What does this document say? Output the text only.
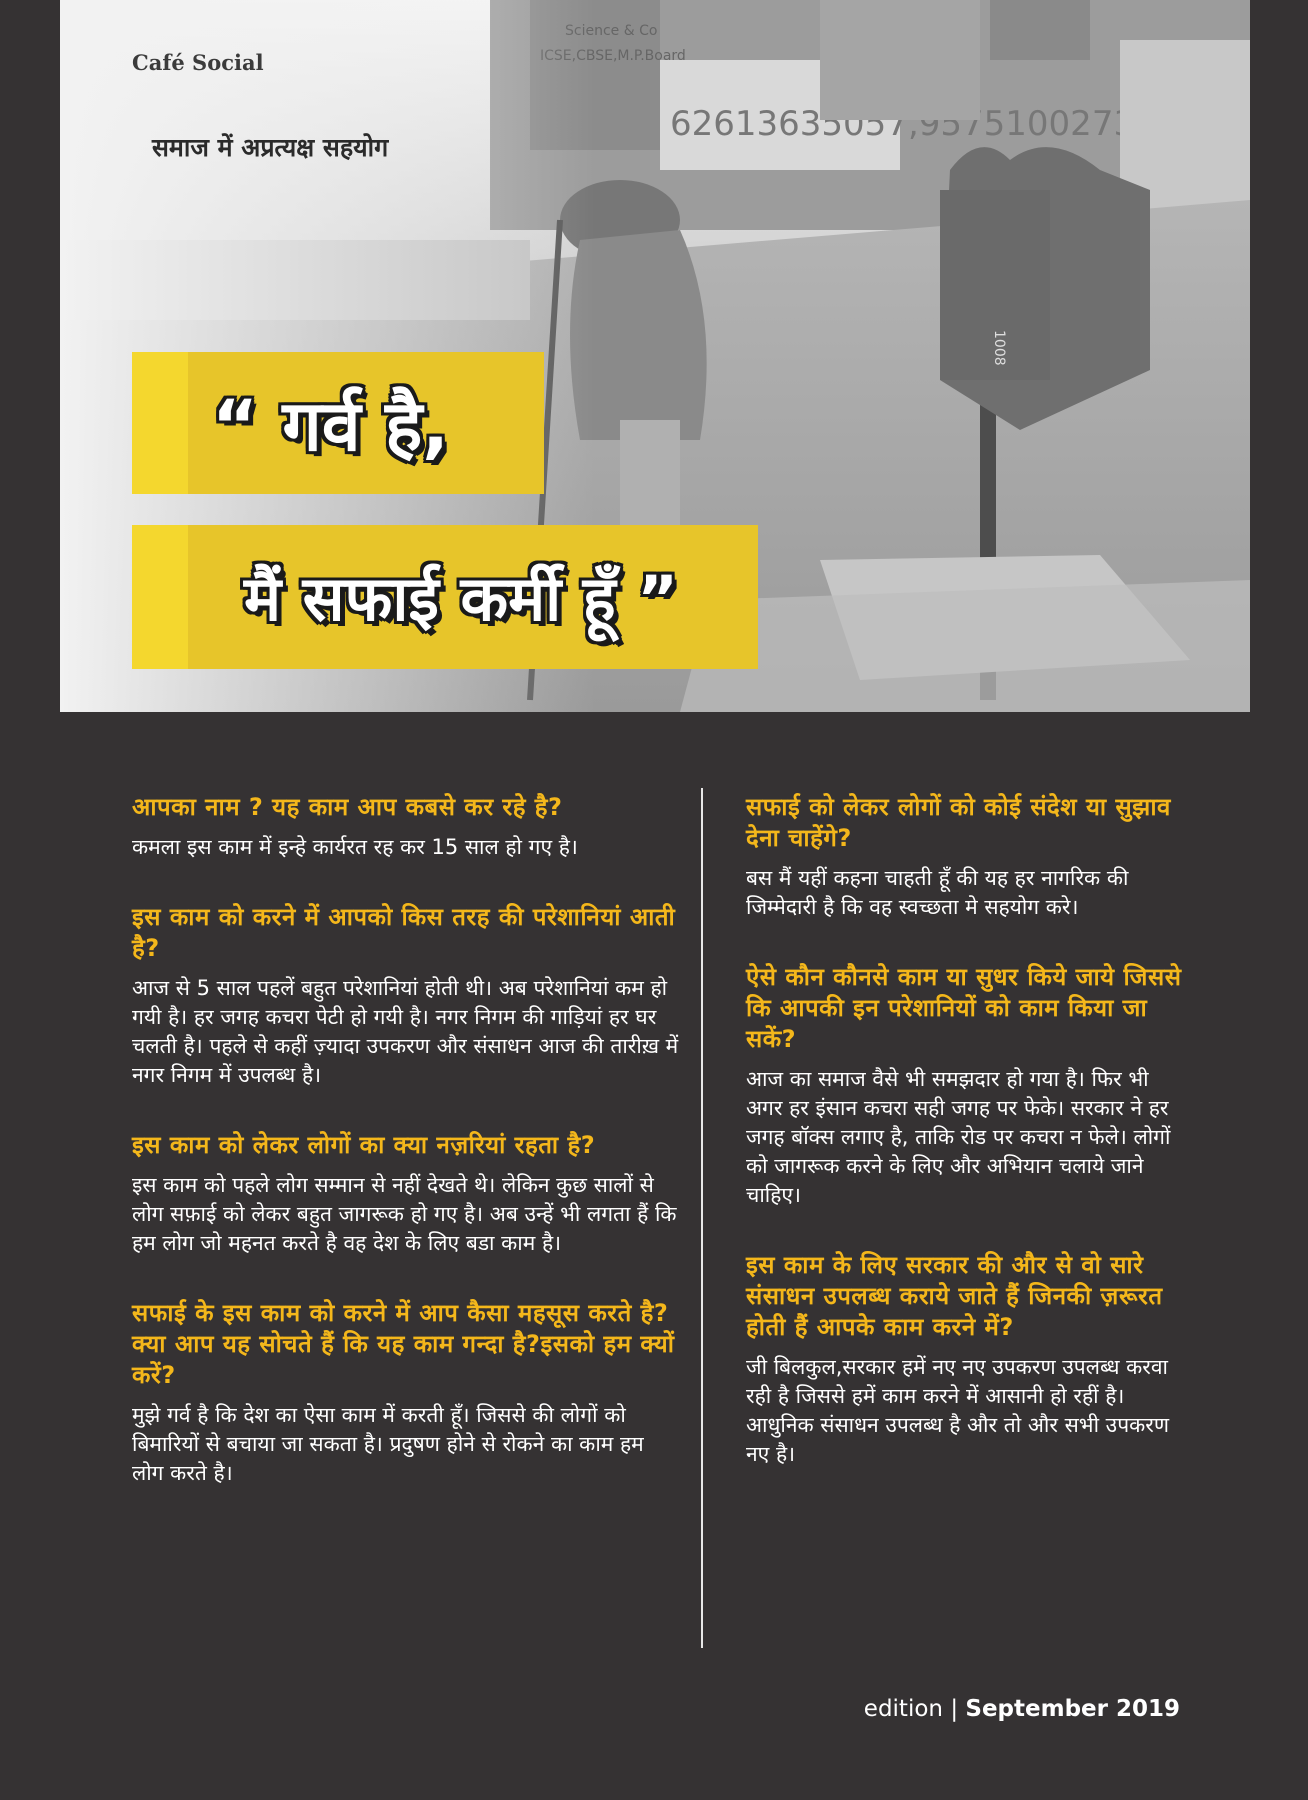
Café Social
समाज में अप्रत्यक्ष सहयोग
“ गर्व है,
मैं सफाई कर्मी हूँ ”
आपका नाम ? यह काम आप कबसे कर रहे है?
कमला इस काम में इन्हे कार्यरत रह कर 15 साल हो गए है।
इस काम को करने में आपको किस तरह की परेशानियां आती है?
आज से 5 साल पहलें बहुत परेशानियां होती थी। अब परेशानियां कम हो गयी है। हर जगह कचरा पेटी हो गयी है। नगर निगम की गाड़ियां हर घर चलती है। पहले से कहीं ज़्यादा उपकरण और संसाधन आज की तारीख़ में नगर निगम में उपलब्ध है।
इस काम को लेकर लोगों का क्या नज़रियां रहता है?
इस काम को पहले लोग सम्मान से नहीं देखते थे। लेकिन कुछ सालों से लोग सफ़ाई को लेकर बहुत जागरूक हो गए है। अब उन्हें भी लगता हैं कि हम लोग जो महनत करते है वह देश के लिए बडा काम है।
सफाई के इस काम को करने में आप कैसा महसूस करते है? क्या आप यह सोचते हैं कि यह काम गन्दा है?इसको हम क्यों करें?
मुझे गर्व है कि देश का ऐसा काम में करती हूँ। जिससे की लोगों को बिमारियों से बचाया जा सकता है। प्रदुषण होने से रोकने का काम हम लोग करते है।
सफाई को लेकर लोगों को कोई संदेश या सुझाव देना चाहेंगे?
बस मैं यहीं कहना चाहती हूँ की यह हर नागरिक की जिम्मेदारी है कि वह स्वच्छता मे सहयोग करे।
ऐसे कौन कौनसे काम या सुधर किये जाये जिससे कि आपकी इन परेशानियों को काम किया जा सकें?
आज का समाज वैसे भी समझदार हो गया है। फिर भी अगर हर इंसान कचरा सही जगह पर फेके। सरकार ने हर जगह बॉक्स लगाए है, ताकि रोड पर कचरा न फेले। लोगों को जागरूक करने के लिए और अभियान चलाये जाने चाहिए।
इस काम के लिए सरकार की और से वो सारे संसाधन उपलब्ध कराये जाते हैं जिनकी ज़रूरत होती हैं आपके काम करने में?
जी बिलकुल,सरकार हमें नए नए उपकरण उपलब्ध करवा रही है जिससे हमें काम करने में आसानी हो रहीं है। आधुनिक संसाधन उपलब्ध है और तो और सभी उपकरण नए है।
edition | September 2019
